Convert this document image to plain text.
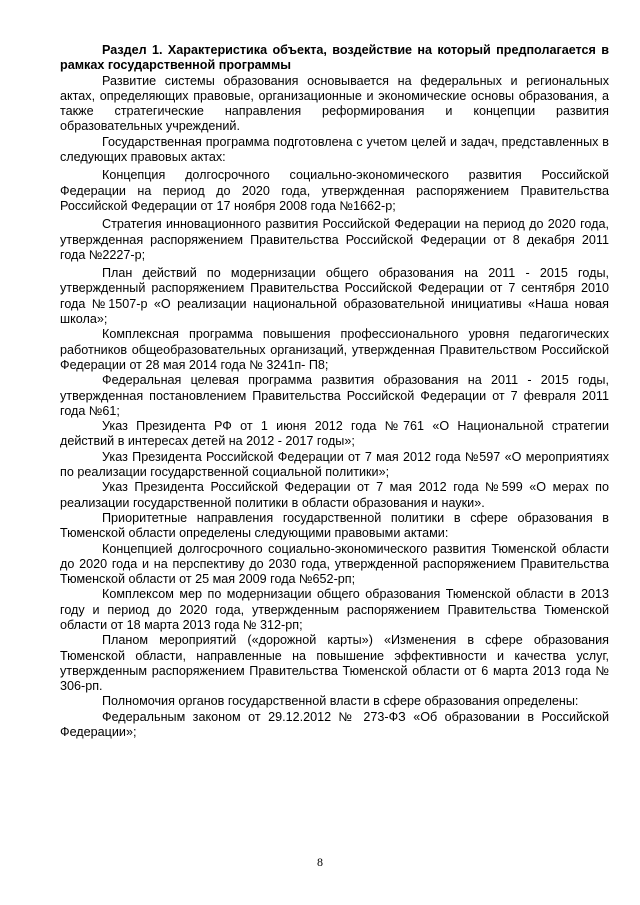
Раздел 1. Характеристика объекта, воздействие на который предполагается в рамках государственной программы

Развитие системы образования основывается на федеральных и региональных актах, определяющих правовые, организационные и экономические основы образования, а также стратегические направления реформирования и концепции развития образовательных учреждений.

Государственная программа подготовлена с учетом целей и задач, представленных в следующих правовых актах:

Концепция долгосрочного социально-экономического развития Российской Федерации на период до 2020 года, утвержденная распоряжением Правительства Российской Федерации от 17 ноября 2008 года №1662-р;

Стратегия инновационного развития Российской Федерации на период до 2020 года, утвержденная распоряжением Правительства Российской Федерации от 8 декабря 2011 года №2227-р;

План действий по модернизации общего образования на 2011 - 2015 годы, утвержденный распоряжением Правительства Российской Федерации от 7 сентября 2010 года №1507-р «О реализации национальной образовательной инициативы «Наша новая школа»;

Комплексная программа повышения профессионального уровня педагогических работников общеобразовательных организаций, утвержденная Правительством Российской Федерации от 28 мая 2014 года № 3241п- П8;

Федеральная целевая программа развития образования на 2011 - 2015 годы, утвержденная постановлением Правительства Российской Федерации от 7 февраля 2011 года №61;

Указ Президента РФ от 1 июня 2012 года №761 «О Национальной стратегии действий в интересах детей на 2012 - 2017 годы»;

Указ Президента Российской Федерации от 7 мая 2012 года №597 «О мероприятиях по реализации государственной социальной политики»;

Указ Президента Российской Федерации от 7 мая 2012 года №599 «О мерах по реализации государственной политики в области образования и науки».

Приоритетные направления государственной политики в сфере образования в Тюменской области определены следующими правовыми актами:

Концепцией долгосрочного социально-экономического развития Тюменской области до 2020 года и на перспективу до 2030 года, утвержденной распоряжением Правительства Тюменской области от 25 мая 2009 года №652-рп;

Комплексом мер по модернизации общего образования Тюменской области в 2013 году и период до 2020 года, утвержденным распоряжением Правительства Тюменской области от 18 марта 2013 года № 312-рп;

Планом мероприятий («дорожной карты») «Изменения в сфере образования Тюменской области, направленные на повышение эффективности и качества услуг, утвержденным распоряжением Правительства Тюменской области от 6 марта 2013 года № 306-рп.

Полномочия органов государственной власти в сфере образования определены:

Федеральным законом от 29.12.2012 № 273-ФЗ «Об образовании в Российской Федерации»;

8
